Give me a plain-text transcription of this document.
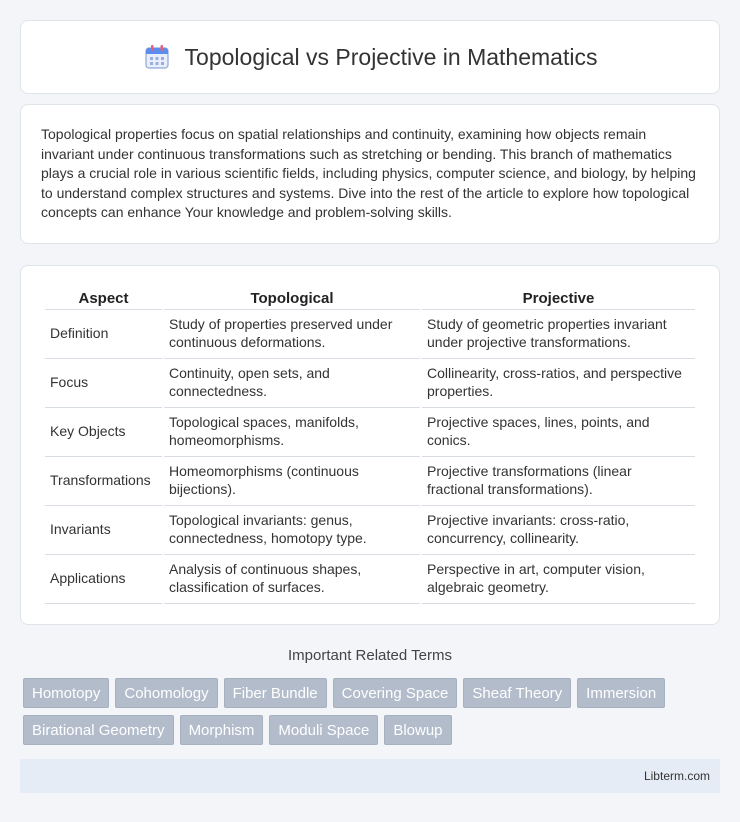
Topological vs Projective in Mathematics

Topological properties focus on spatial relationships and continuity, examining how objects remain invariant under continuous transformations such as stretching or bending. This branch of mathematics plays a crucial role in various scientific fields, including physics, computer science, and biology, by helping to understand complex structures and systems. Dive into the rest of the article to explore how topological concepts can enhance Your knowledge and problem-solving skills.

Aspect	Topological	Projective
Definition	Study of properties preserved under continuous deformations.	Study of geometric properties invariant under projective transformations.
Focus	Continuity, open sets, and connectedness.	Collinearity, cross-ratios, and perspective properties.
Key Objects	Topological spaces, manifolds, homeomorphisms.	Projective spaces, lines, points, and conics.
Transformations	Homeomorphisms (continuous bijections).	Projective transformations (linear fractional transformations).
Invariants	Topological invariants: genus, connectedness, homotopy type.	Projective invariants: cross-ratio, concurrency, collinearity.
Applications	Analysis of continuous shapes, classification of surfaces.	Perspective in art, computer vision, algebraic geometry.
Important Related Terms
Homotopy	Cohomology	Fiber Bundle	Covering Space	Sheaf Theory	Immersion
Birational Geometry	Morphism	Moduli Space	Blowup
Libterm.com
